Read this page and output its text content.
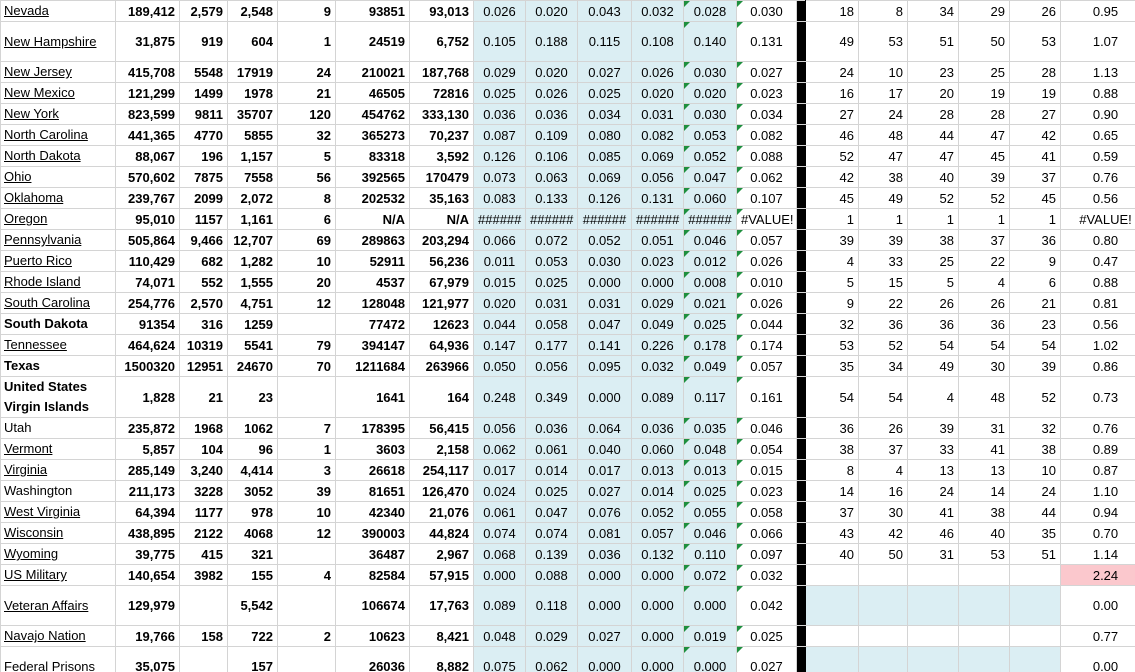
Nevada	189,412	2,579	2,548	9	93851	93,013	0.026	0.020	0.043	0.032	0.028	0.030		18	8	34	29	26	0.95
New Hampshire	31,875	919	604	1	24519	6,752	0.105	0.188	0.115	0.108	0.140	0.131		49	53	51	50	53	1.07
New Jersey	415,708	5548	17919	24	210021	187,768	0.029	0.020	0.027	0.026	0.030	0.027		24	10	23	25	28	1.13
New Mexico	121,299	1499	1978	21	46505	72816	0.025	0.026	0.025	0.020	0.020	0.023		16	17	20	19	19	0.88
New York	823,599	9811	35707	120	454762	333,130	0.036	0.036	0.034	0.031	0.030	0.034		27	24	28	28	27	0.90
North Carolina	441,365	4770	5855	32	365273	70,237	0.087	0.109	0.080	0.082	0.053	0.082		46	48	44	47	42	0.65
North Dakota	88,067	196	1,157	5	83318	3,592	0.126	0.106	0.085	0.069	0.052	0.088		52	47	47	45	41	0.59
Ohio	570,602	7875	7558	56	392565	170479	0.073	0.063	0.069	0.056	0.047	0.062		42	38	40	39	37	0.76
Oklahoma	239,767	2099	2,072	8	202532	35,163	0.083	0.133	0.126	0.131	0.060	0.107		45	49	52	52	45	0.56
Oregon	95,010	1157	1,161	6	N/A	N/A	######	######	######	######	######	#VALUE!		1	1	1	1	1	#VALUE!
Pennsylvania	505,864	9,466	12,707	69	289863	203,294	0.066	0.072	0.052	0.051	0.046	0.057		39	39	38	37	36	0.80
Puerto Rico	110,429	682	1,282	10	52911	56,236	0.011	0.053	0.030	0.023	0.012	0.026		4	33	25	22	9	0.47
Rhode Island	74,071	552	1,555	20	4537	67,979	0.015	0.025	0.000	0.000	0.008	0.010		5	15	5	4	6	0.88
South Carolina	254,776	2,570	4,751	12	128048	121,977	0.020	0.031	0.031	0.029	0.021	0.026		9	22	26	26	21	0.81
South Dakota	91354	316	1259		77472	12623	0.044	0.058	0.047	0.049	0.025	0.044		32	36	36	36	23	0.56
Tennessee	464,624	10319	5541	79	394147	64,936	0.147	0.177	0.141	0.226	0.178	0.174		53	52	54	54	54	1.02
Texas	1500320	12951	24670	70	1211684	263966	0.050	0.056	0.095	0.032	0.049	0.057		35	34	49	30	39	0.86
United States Virgin Islands	1,828	21	23		1641	164	0.248	0.349	0.000	0.089	0.117	0.161		54	54	4	48	52	0.73
Utah	235,872	1968	1062	7	178395	56,415	0.056	0.036	0.064	0.036	0.035	0.046		36	26	39	31	32	0.76
Vermont	5,857	104	96	1	3603	2,158	0.062	0.061	0.040	0.060	0.048	0.054		38	37	33	41	38	0.89
Virginia	285,149	3,240	4,414	3	26618	254,117	0.017	0.014	0.017	0.013	0.013	0.015		8	4	13	13	10	0.87
Washington	211,173	3228	3052	39	81651	126,470	0.024	0.025	0.027	0.014	0.025	0.023		14	16	24	14	24	1.10
West Virginia	64,394	1177	978	10	42340	21,076	0.061	0.047	0.076	0.052	0.055	0.058		37	30	41	38	44	0.94
Wisconsin	438,895	2122	4068	12	390003	44,824	0.074	0.074	0.081	0.057	0.046	0.066		43	42	46	40	35	0.70
Wyoming	39,775	415	321		36487	2,967	0.068	0.139	0.036	0.132	0.110	0.097		40	50	31	53	51	1.14
US Military	140,654	3982	155	4	82584	57,915	0.000	0.088	0.000	0.000	0.072	0.032							2.24
Veteran Affairs	129,979		5,542		106674	17,763	0.089	0.118	0.000	0.000	0.000	0.042							0.00
Navajo Nation	19,766	158	722	2	10623	8,421	0.048	0.029	0.027	0.000	0.019	0.025							0.77
Federal Prisons	35,075		157		26036	8,882	0.075	0.062	0.000	0.000	0.000	0.027							0.00
